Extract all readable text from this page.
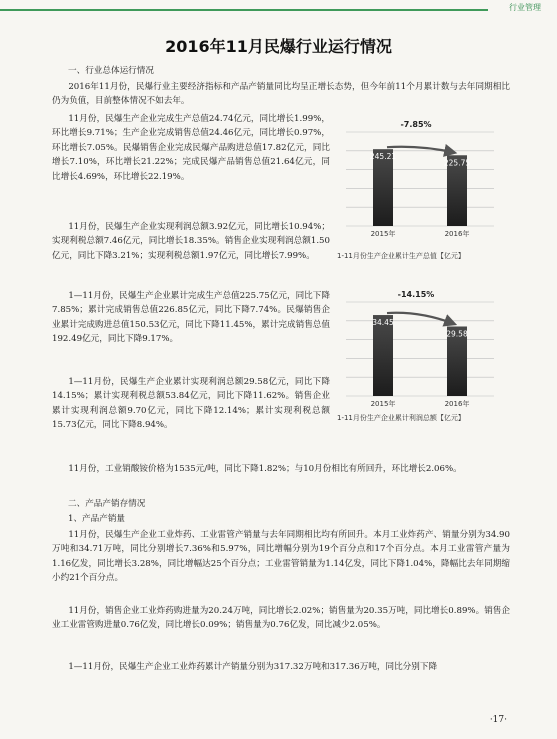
行业管理
2016年11月民爆行业运行情况

一、行业总体运行情况

2016年11月份，民爆行业主要经济指标和产品产销量同比均呈正增长态势，但今年前11个月累计数与去年同期相比仍为负值，目前整体情况不如去年。

11月份，民爆生产企业完成生产总值24.74亿元，同比增长1.99%，环比增长9.71%；生产企业完成销售总值24.46亿元，同比增长0.97%，环比增长7.05%。民爆销售企业完成民爆产品购进总值17.82亿元，同比增长7.10%，环比增长21.22%；完成民爆产品销售总值21.64亿元，同比增长4.69%，环比增长22.19%。

11月份，民爆生产企业实现利润总额3.92亿元，同比增长10.94%；实现利税总额7.46亿元，同比增长18.35%。销售企业实现利润总额1.50亿元，同比下降3.21%；实现利税总额1.97亿元，同比增长7.99%。

1—11月份，民爆生产企业累计完成生产总值225.75亿元，同比下降7.85%；累计完成销售总值226.85亿元，同比下降7.74%。民爆销售企业累计完成购进总值150.53亿元，同比下降11.45%，累计完成销售总值192.49亿元，同比下降9.17%。

1—11月份，民爆生产企业累计实现利润总额29.58亿元，同比下降14.15%；累计实现利税总额53.84亿元，同比下降11.62%。销售企业累计实现利润总额9.70亿元，同比下降12.14%；累计实现利税总额15.73亿元，同比下降8.94%。

11月份，工业销酸铵价格为1535元/吨，同比下降1.82%；与10月份相比有所回升，环比增长2.06%。

二、产品产销存情况

1、产品产销量

11月份，民爆生产企业工业炸药、工业雷管产销量与去年同期相比均有所回升。本月工业炸药产、销量分别为34.90万吨和34.71万吨，同比分别增长7.36%和5.97%，同比增幅分别为19个百分点和17个百分点。本月工业雷管产量为1.16亿发，同比增长3.28%，同比增幅达25个百分点；工业雷管销量为1.14亿发，同比下降1.04%，降幅比去年同期缩小约21个百分点。

11月份，销售企业工业炸药购进量为20.24万吨，同比增长2.02%；销售量为20.35万吨，同比增长0.89%。销售企业工业雷管购进量0.76亿发，同比增长0.09%；销售量为0.76亿发，同比减少2.05%。

1—11月份，民爆生产企业工业炸药累计产销量分别为317.32万吨和317.36万吨，同比分别下降

245.21
2015年
225.75
2016年
-7.85%
1-11月份生产企业累计生产总值【亿元】
34.45
2015年
29.58
2016年
-14.15%
1-11月份生产企业累计利润总额【亿元】
·17·
